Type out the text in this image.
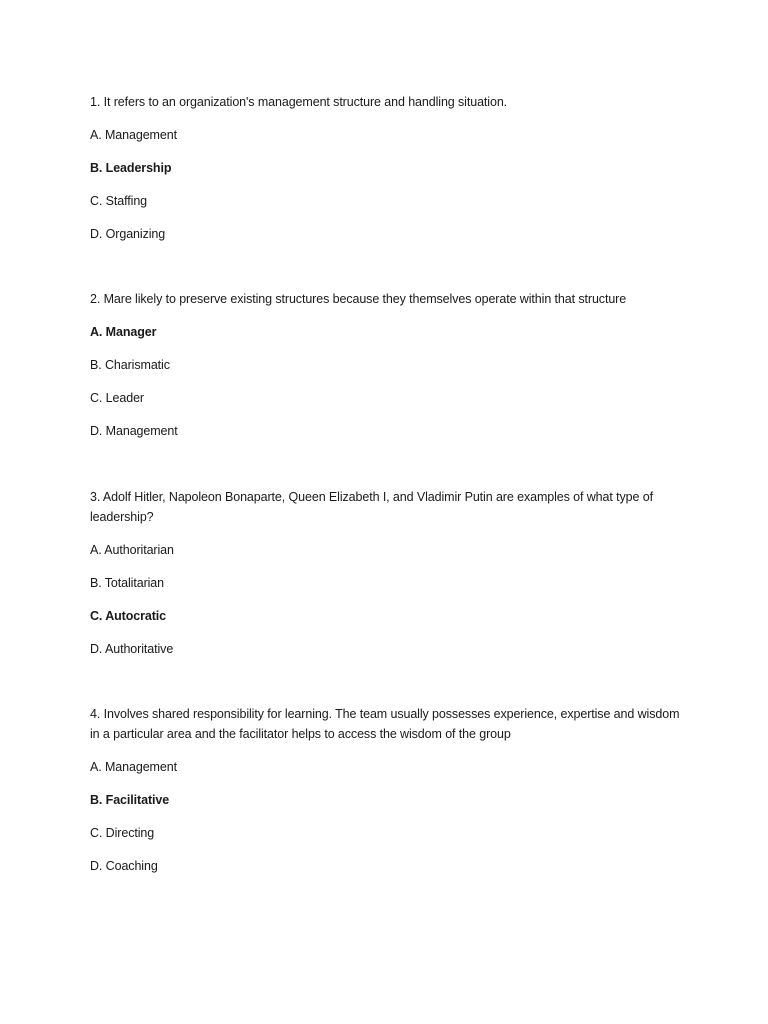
1. It refers to an organization's management structure and handling situation.

A. Management

B. Leadership

C. Staffing

D. Organizing

2. Mare likely to preserve existing structures because they themselves operate within that structure

A. Manager

B. Charismatic

C. Leader

D. Management

3. Adolf Hitler, Napoleon Bonaparte, Queen Elizabeth I, and Vladimir Putin are examples of what type of leadership?

A. Authoritarian

B. Totalitarian

C. Autocratic

D. Authoritative

4. Involves shared responsibility for learning. The team usually possesses experience, expertise and wisdom in a particular area and the facilitator helps to access the wisdom of the group

A. Management

B. Facilitative

C. Directing

D. Coaching
